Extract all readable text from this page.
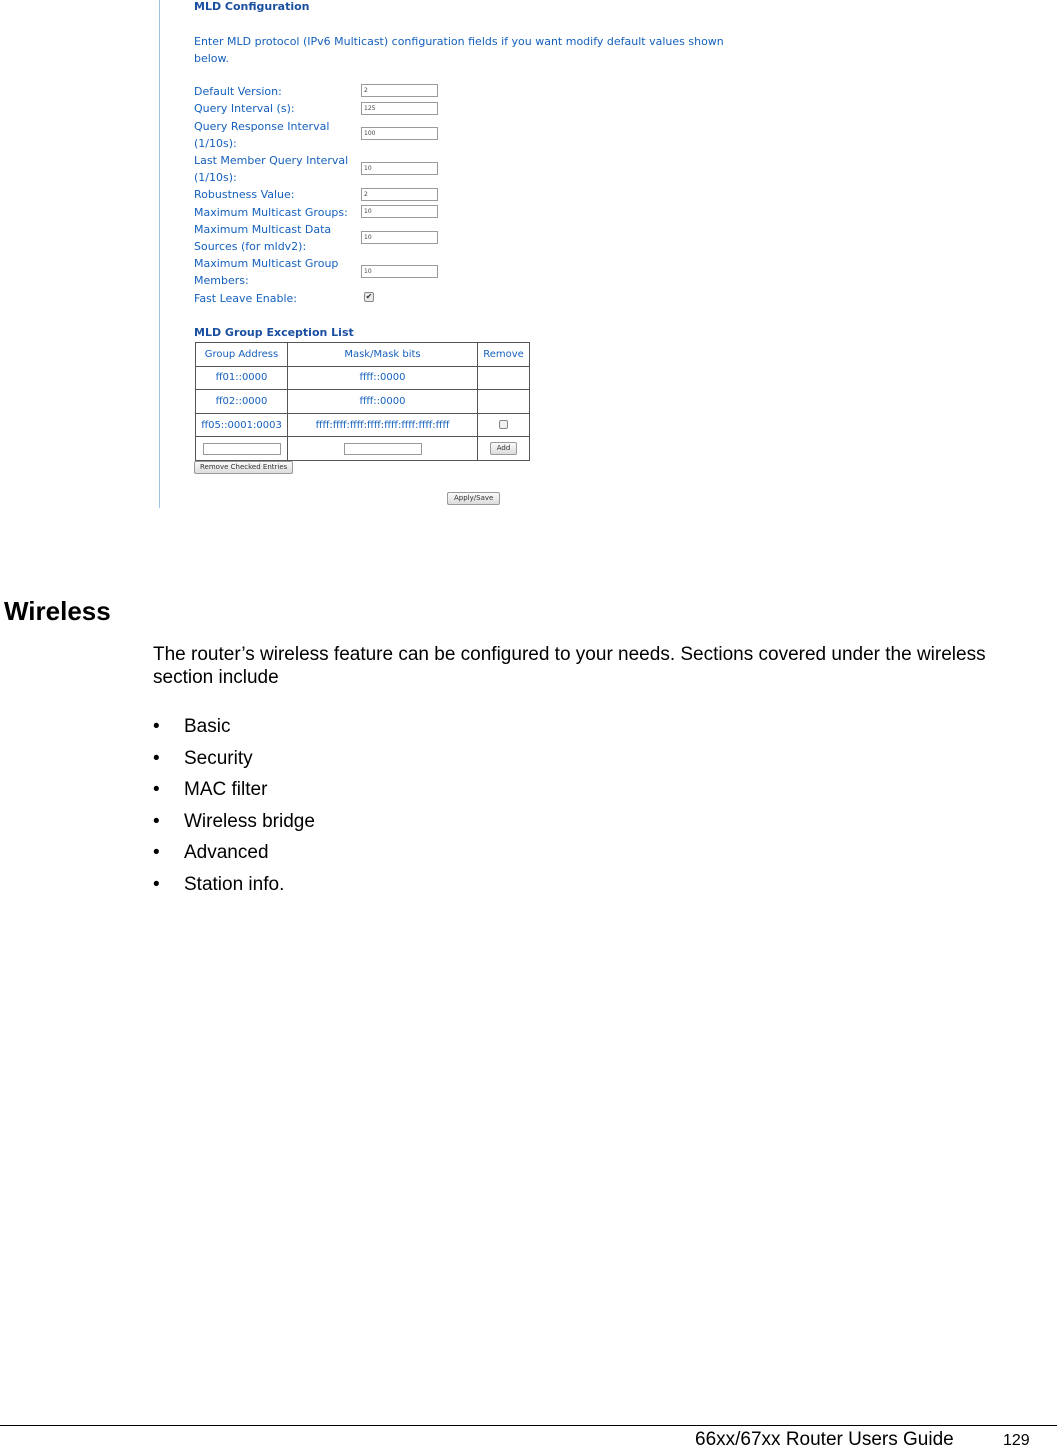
MLD Configuration
Enter MLD protocol (IPv6 Multicast) configuration fields if you want modify default values shown below.
Default Version:	2
Query Interval (s):	125
Query Response Interval (1/10s):
100
Last Member Query Interval (1/10s):
10
Robustness Value:	2
Maximum Multicast Groups:	10
Maximum Multicast Data Sources (for mldv2):
10
Maximum Multicast Group Members:
10
Fast Leave Enable:	✔
MLD Group Exception List
Group Address	Mask/Mask bits	Remove
ff01::0000	ffff::0000	
ff02::0000	ffff::0000	
ff05::0001:0003	ffff:ffff:ffff:ffff:ffff:ffff:ffff:ffff	
		Add
Remove Checked Entries
Apply/Save
Wireless
The router’s wireless feature can be configured to your needs. Sections covered under the wireless section include
• Basic
• Security
• MAC filter
• Wireless bridge
• Advanced
• Station info.
66xx/67xx Router Users Guide	129
